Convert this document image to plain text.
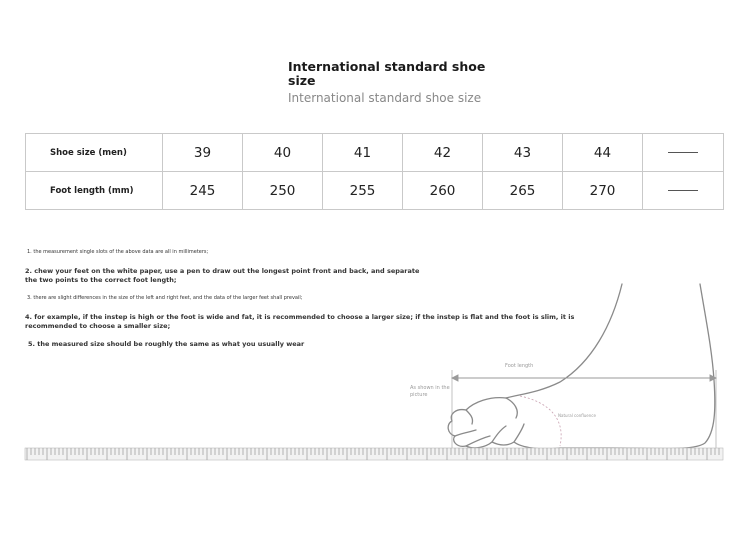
International standard shoe size
International standard shoe size
Shoe size (men)	39	40	41	42	43	44	
Foot length (mm)	245	250	255	260	265	270	
1. the measurement single slots of the above data are all in millimeters;
2. chew your feet on the white paper, use a pen to draw out the longest point front and back, and separate the two points to the correct foot length;
3. there are slight differences in the size of the left and right feet, and the data of the larger feet shall prevail;
4. for example, if the instep is high or the foot is wide and fat, it is recommended to choose a larger size; if the instep is flat and the foot is slim, it is recommended to choose a smaller size;
5. the measured size should be roughly the same as what you usually wear
Foot length
As shown in the picture
Natural confluence
